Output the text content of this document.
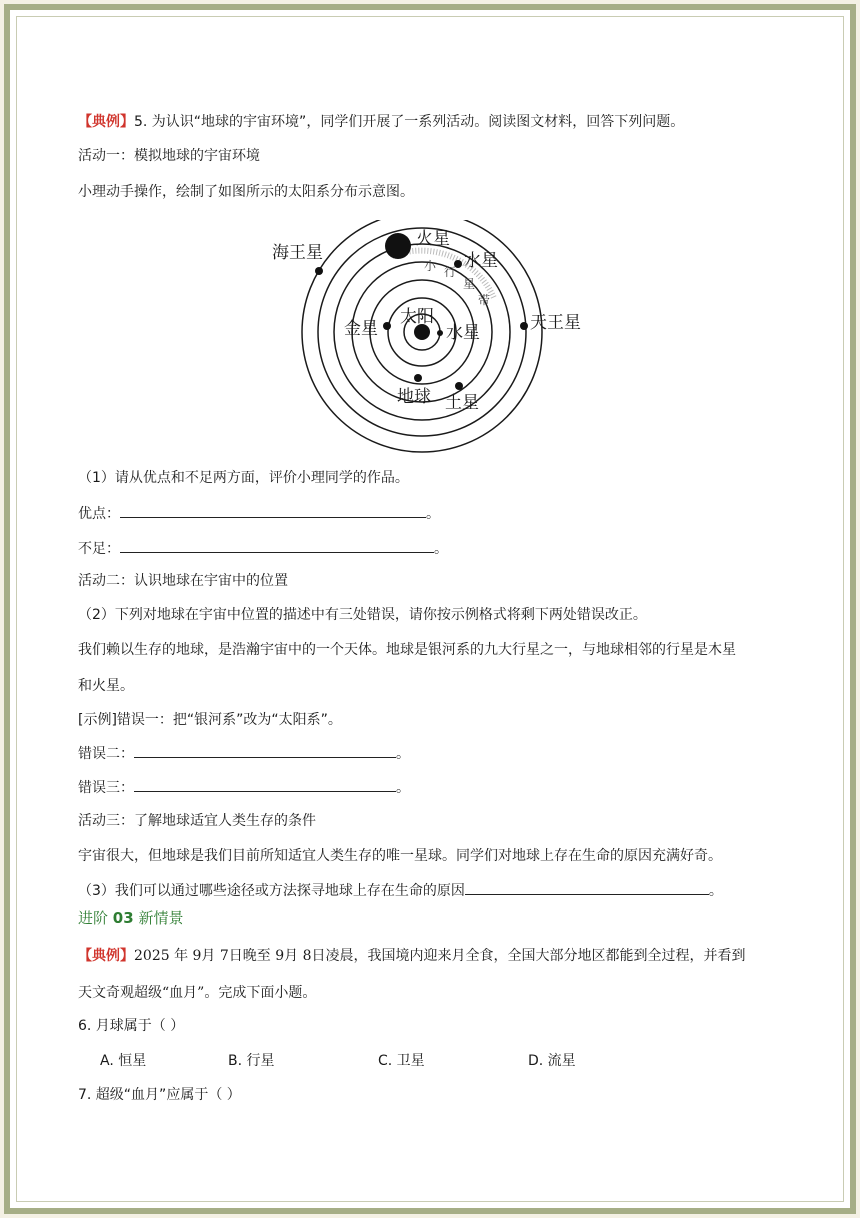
【典例】5. 为认识“地球的宇宙环境”，同学们开展了一系列活动。阅读图文材料，回答下列问题。
活动一：模拟地球的宇宙环境
小理动手操作，绘制了如图所示的太阳系分布示意图。
海王星
火星
水星
天王星
金星
太阳
水星
地球 土星
小 行
星
带
（1）请从优点和不足两方面，评价小理同学的作品。
优点：	。
不足：	。
活动二：认识地球在宇宙中的位置
（2）下列对地球在宇宙中位置的描述中有三处错误，请你按示例格式将剩下两处错误改正。
我们赖以生存的地球，是浩瀚宇宙中的一个天体。地球是银河系的九大行星之一，与地球相邻的行星是木星
和火星。
[示例]错误一：把“银河系”改为“太阳系”。
错误二：	。
错误三：	。
活动三：了解地球适宜人类生存的条件
宇宙很大，但地球是我们目前所知适宜人类生存的唯一星球。同学们对地球上存在生命的原因充满好奇。
（3）我们可以通过哪些途径或方法探寻地球上存在生命的原因	。
进阶 03 新情景
【典例】2025 年 9月 7日晚至 9月 8日凌晨，我国境内迎来月全食，全国大部分地区都能到全过程，并看到
天文奇观超级“血月”。完成下面小题。
6. 月球属于（ ）
A. 恒星	B. 行星	C. 卫星	D. 流星
7. 超级“血月”应属于（ ）
